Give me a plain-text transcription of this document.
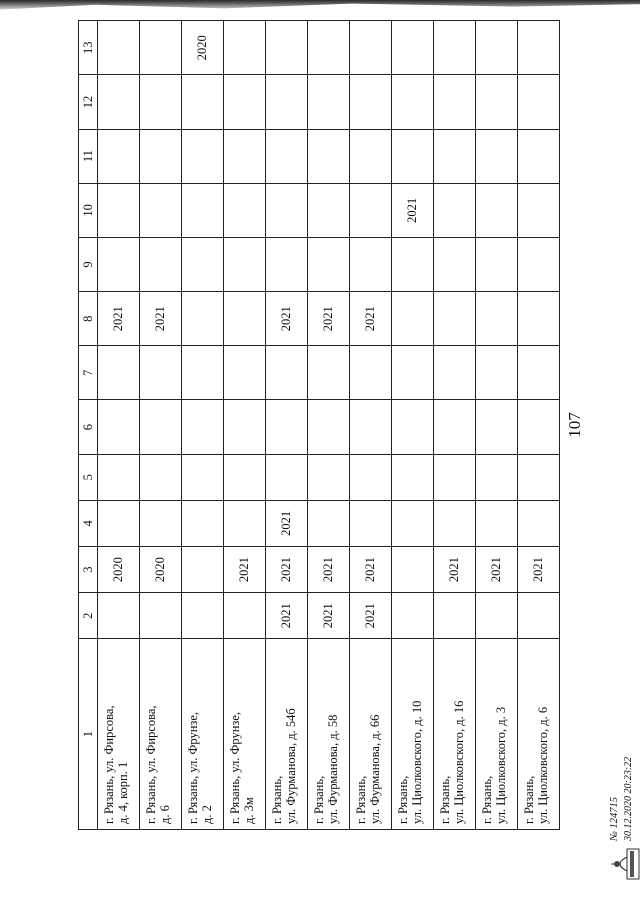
107
1	2	3	4	5	6	7	8	9	10	11	12	13

г. Рязань, ул. Фирсова, д. 4, корп. 1		2020					2021					

г. Рязань, ул. Фирсова, д. 6		2020					2021					

г. Рязань, ул. Фрунзе, д. 2												2020

г. Рязань, ул. Фрунзе, д. 3м		2021										

г. Рязань, ул. Фурманова, д. 54б	2021	2021	2021				2021					

г. Рязань, ул. Фурманова, д. 58	2021	2021					2021					

г. Рязань, ул. Фурманова, д. 66	2021	2021					2021					

г. Рязань, ул. Циолковского, д. 10									2021			

г. Рязань, ул. Циолковского, д. 16		2021										

г. Рязань, ул. Циолковского, д. 3		2021										

г. Рязань, ул. Циолковского, д. 6		2021										
№ 124715 30.12.2020 20:23:22
